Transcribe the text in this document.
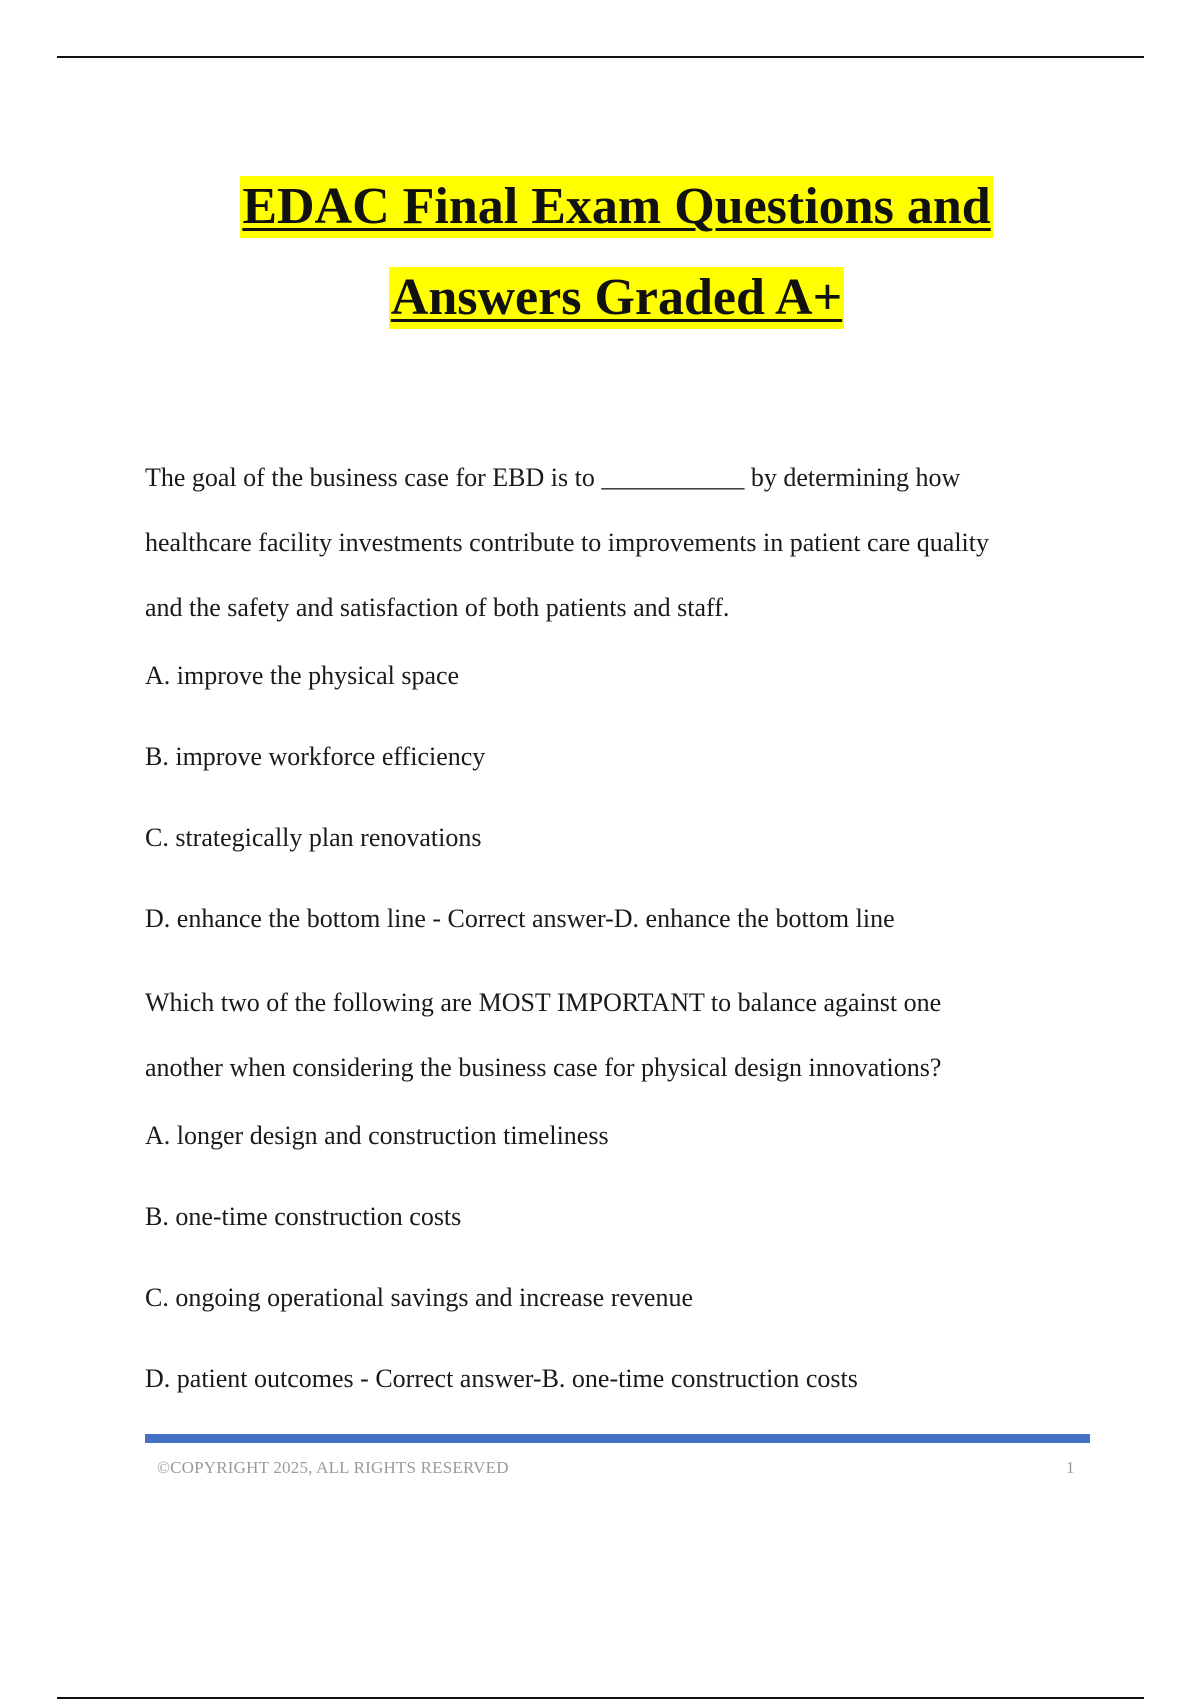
EDAC Final Exam Questions and
Answers Graded A+

The goal of the business case for EBD is to ___________ by determining how

healthcare facility investments contribute to improvements in patient care quality

and the safety and satisfaction of both patients and staff.

A. improve the physical space

B. improve workforce efficiency

C. strategically plan renovations

D. enhance the bottom line - Correct answer-D. enhance the bottom line

Which two of the following are MOST IMPORTANT to balance against one

another when considering the business case for physical design innovations?

A. longer design and construction timeliness

B. one-time construction costs

C. ongoing operational savings and increase revenue

D. patient outcomes - Correct answer-B. one-time construction costs

©COPYRIGHT 2025, ALL RIGHTS RESERVED	1
